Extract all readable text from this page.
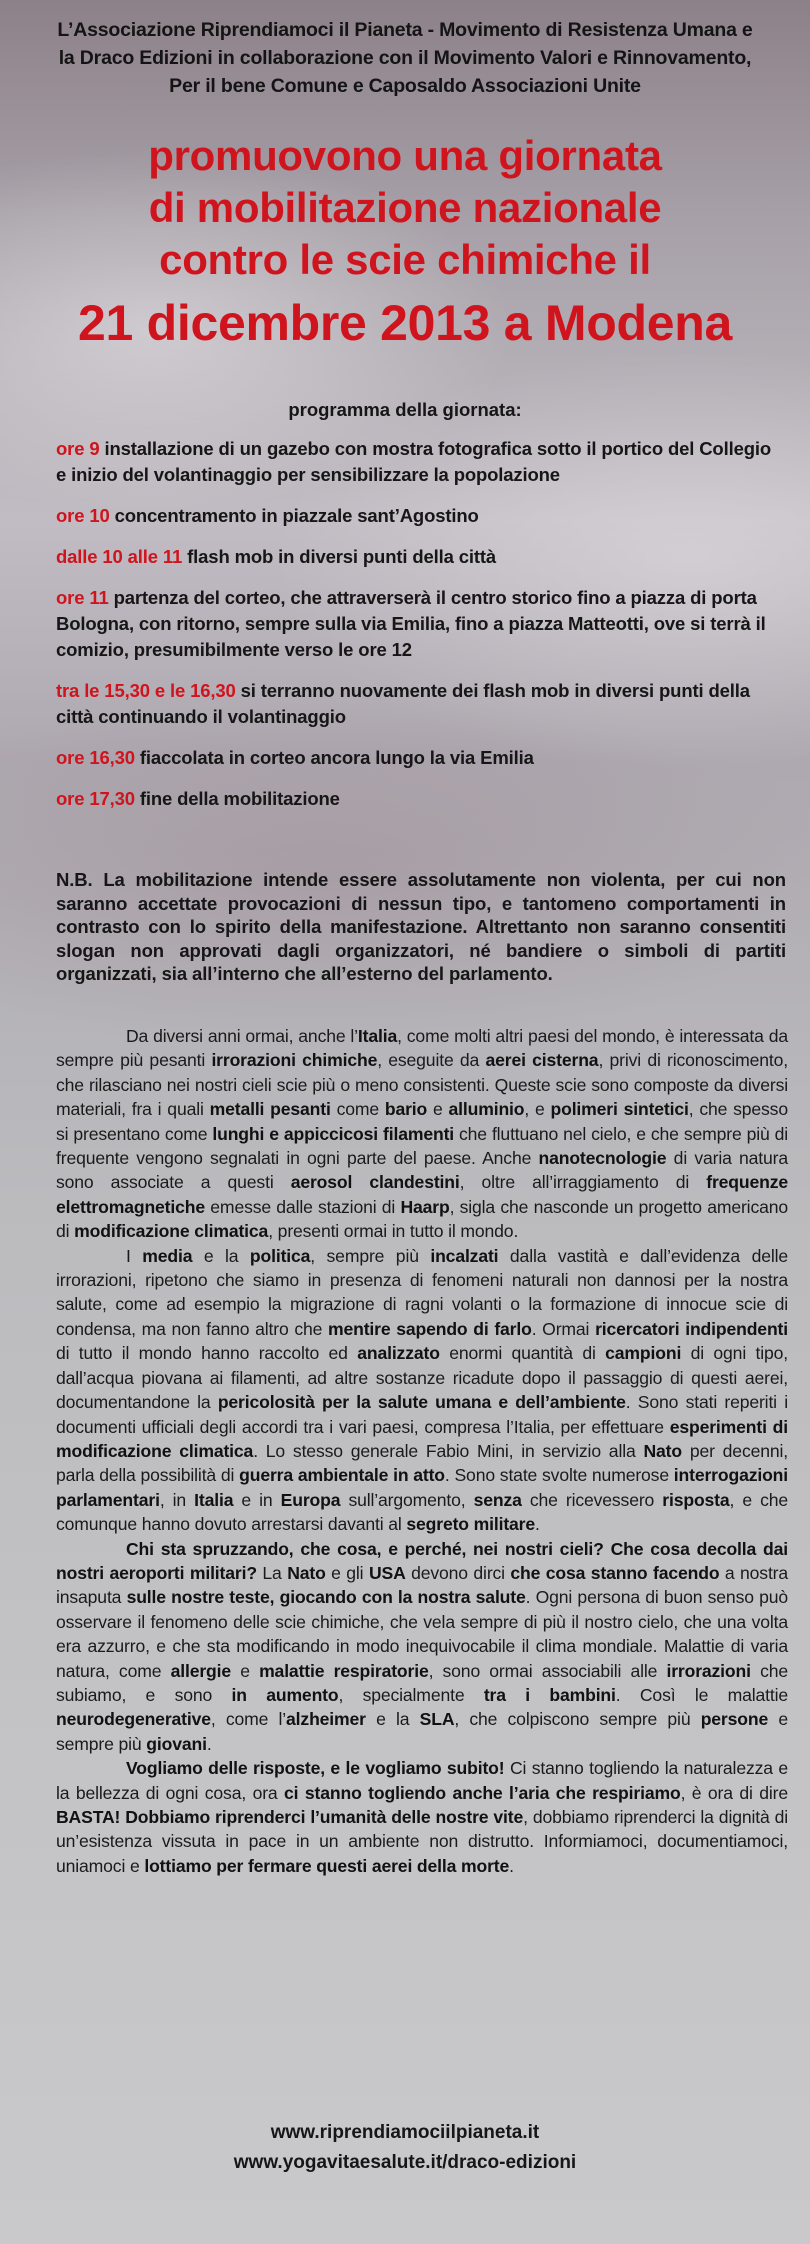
L’Associazione Riprendiamoci il Pianeta - Movimento di Resistenza Umana e
la Draco Edizioni in collaborazione con il Movimento Valori e Rinnovamento,
Per il bene Comune e Caposaldo Associazioni Unite
promuovono una giornata
di mobilitazione nazionale
contro le scie chimiche il
21 dicembre 2013 a Modena
programma della giornata:
ore 9 installazione di un gazebo con mostra fotografica sotto il portico del Collegio e inizio del volantinaggio per sensibilizzare la popolazione
ore 10 concentramento in piazzale sant’Agostino
dalle 10 alle 11 flash mob in diversi punti della città
ore 11 partenza del corteo, che attraverserà il centro storico fino a piazza di porta Bologna, con ritorno, sempre sulla via Emilia, fino a piazza Matteotti, ove si terrà il comizio, presumibilmente verso le ore 12
tra le 15,30 e le 16,30 si terranno nuovamente dei flash mob in diversi punti della città continuando il volantinaggio
ore 16,30 fiaccolata in corteo ancora lungo la via Emilia
ore 17,30 fine della mobilitazione
N.B. La mobilitazione intende essere assolutamente non violenta, per cui non saranno accettate provocazioni di nessun tipo, e tantomeno comportamenti in contrasto con lo spirito della manifestazione. Altrettanto non saranno consentiti slogan non approvati dagli organizzatori, né bandiere o simboli di partiti organizzati, sia all’interno che all’esterno del parlamento.

Da diversi anni ormai, anche l’Italia, come molti altri paesi del mondo, è interessata da sempre più pesanti irrorazioni chimiche, eseguite da aerei cisterna, privi di riconoscimento, che rilasciano nei nostri cieli scie più o meno consistenti. Queste scie sono composte da diversi materiali, fra i quali metalli pesanti come bario e alluminio, e polimeri sintetici, che spesso si presentano come lunghi e appiccicosi filamenti che fluttuano nel cielo, e che sempre più di frequente vengono segnalati in ogni parte del paese. Anche nanotecnologie di varia natura sono associate a questi aerosol clandestini, oltre all’irraggiamento di frequenze elettromagnetiche emesse dalle stazioni di Haarp, sigla che nasconde un progetto americano di modificazione climatica, presenti ormai in tutto il mondo.

I media e la politica, sempre più incalzati dalla vastità e dall’evidenza delle irrorazioni, ripetono che siamo in presenza di fenomeni naturali non dannosi per la nostra salute, come ad esempio la migrazione di ragni volanti o la formazione di innocue scie di condensa, ma non fanno altro che mentire sapendo di farlo. Ormai ricercatori indipendenti di tutto il mondo hanno raccolto ed analizzato enormi quantità di campioni di ogni tipo, dall’acqua piovana ai filamenti, ad altre sostanze ricadute dopo il passaggio di questi aerei, documentandone la pericolosità per la salute umana e dell’ambiente. Sono stati reperiti i documenti ufficiali degli accordi tra i vari paesi, compresa l’Italia, per effettuare esperimenti di modificazione climatica. Lo stesso generale Fabio Mini, in servizio alla Nato per decenni, parla della possibilità di guerra ambientale in atto. Sono state svolte numerose interrogazioni parlamentari, in Italia e in Europa sull’argomento, senza che ricevessero risposta, e che comunque hanno dovuto arrestarsi davanti al segreto militare.

Chi sta spruzzando, che cosa, e perché, nei nostri cieli? Che cosa decolla dai nostri aeroporti militari? La Nato e gli USA devono dirci che cosa stanno facendo a nostra insaputa sulle nostre teste, giocando con la nostra salute. Ogni persona di buon senso può osservare il fenomeno delle scie chimiche, che vela sempre di più il nostro cielo, che una volta era azzurro, e che sta modificando in modo inequivocabile il clima mondiale. Malattie di varia natura, come allergie e malattie respiratorie, sono ormai associabili alle irrorazioni che subiamo, e sono in aumento, specialmente tra i bambini. Così le malattie neurodegenerative, come l’alzheimer e la SLA, che colpiscono sempre più persone e sempre più giovani.

Vogliamo delle risposte, e le vogliamo subito! Ci stanno togliendo la naturalezza e la bellezza di ogni cosa, ora ci stanno togliendo anche l’aria che respiriamo, è ora di dire BASTA! Dobbiamo riprenderci l’umanità delle nostre vite, dobbiamo riprenderci la dignità di un’esistenza vissuta in pace in un ambiente non distrutto. Informiamoci, documentiamoci, uniamoci e lottiamo per fermare questi aerei della morte.

www.riprendiamociilpianeta.it
www.yogavitaesalute.it/draco-edizioni
